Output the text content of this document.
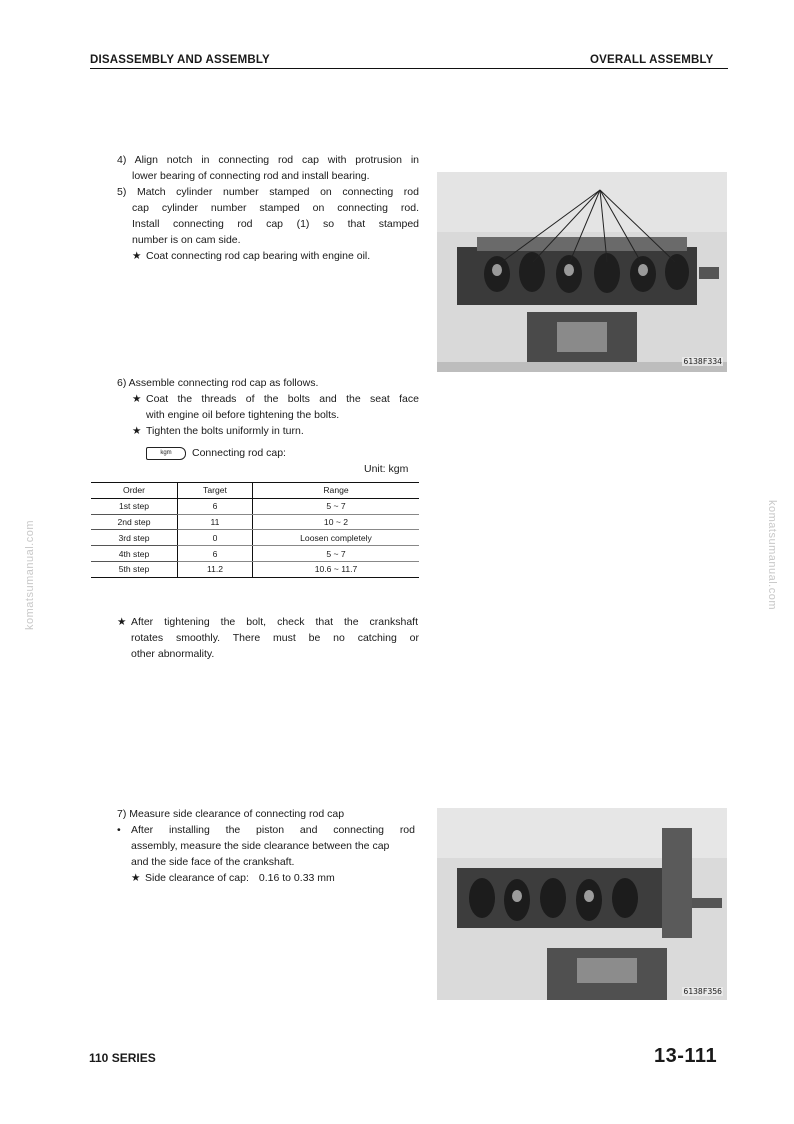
DISASSEMBLY AND ASSEMBLY	OVERALL ASSEMBLY
komatsumanual.com	komatsumanual.com
4) Align notch in connecting rod cap with protrusion in
lower bearing of connecting rod and install bearing.
5) Match cylinder number stamped on connecting rod
cap cylinder number stamped on connecting rod.
Install connecting rod cap (1) so that stamped
number is on cam side.
★ Coat connecting rod cap bearing with engine oil.
6138F334
6) Assemble connecting rod cap as follows.
★ Coat the threads of the bolts and the seat face
with engine oil before tightening the bolts.
★ Tighten the bolts uniformly in turn.
kgm Connecting rod cap:
Unit: kgm
Order	Target	Range
1st step	6	5 ~ 7
2nd step	11	10 ~ 2
3rd step	0	Loosen completely
4th step	6	5 ~ 7
5th step	11.2	10.6 ~ 11.7
★ After tightening the bolt, check that the crankshaft
rotates smoothly. There must be no catching or
other abnormality.
7) Measure side clearance of connecting rod cap
• After installing the piston and connecting rod
assembly, measure the side clearance between the cap
and the side face of the crankshaft.
★ Side clearance of cap: 0.16 to 0.33 mm
6138F356
110 SERIES	13-111
